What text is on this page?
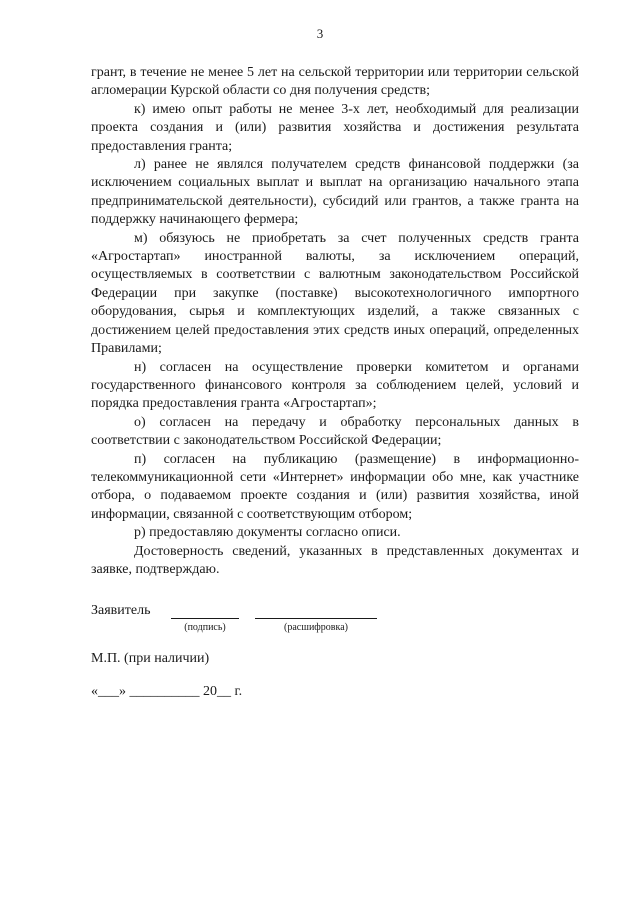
3

грант, в течение не менее 5 лет на сельской территории или территории сельской агломерации Курской области со дня получения средств;

к) имею опыт работы не менее 3-х лет, необходимый для реализации проекта создания и (или) развития хозяйства и достижения результата предоставления гранта;

л) ранее не являлся получателем средств финансовой поддержки (за исключением социальных выплат и выплат на организацию начального этапа предпринимательской деятельности), субсидий или грантов, а также гранта на поддержку начинающего фермера;

м) обязуюсь не приобретать за счет полученных средств гранта «Агростартап» иностранной валюты, за исключением операций, осуществляемых в соответствии с валютным законодательством Российской Федерации при закупке (поставке) высокотехнологичного импортного оборудования, сырья и комплектующих изделий, а также связанных с достижением целей предоставления этих средств иных операций, определенных Правилами;

н) согласен на осуществление проверки комитетом и органами государственного финансового контроля за соблюдением целей, условий и порядка предоставления гранта «Агростартап»;

о) согласен на передачу и обработку персональных данных в соответствии с законодательством Российской Федерации;

п) согласен на публикацию (размещение) в информационно-телекоммуникационной сети «Интернет» информации обо мне, как участнике отбора, о подаваемом проекте создания и (или) развития хозяйства, иной информации, связанной с соответствующим отбором;

р) предоставляю документы согласно описи.

Достоверность сведений, указанных в представленных документах и заявке, подтверждаю.

Заявитель
(подпись)	(расшифровка)
М.П. (при наличии)
«___» __________ 20__ г.
